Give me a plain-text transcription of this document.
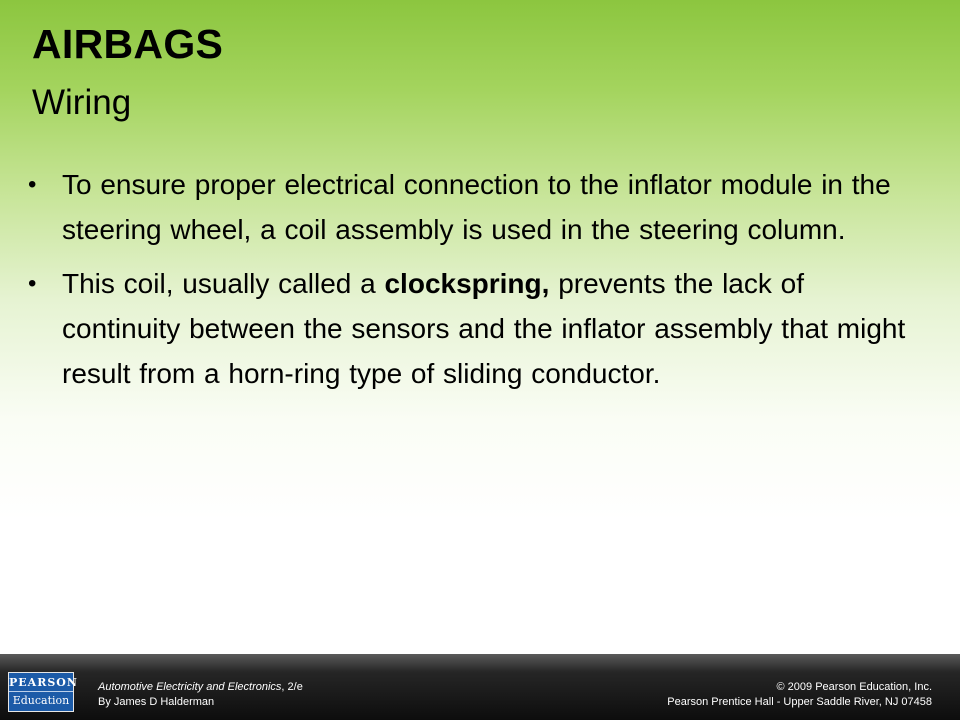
AIRBAGS
Wiring
• To ensure proper electrical connection to the inflator module in the steering wheel, a coil assembly is used in the steering column.
• This coil, usually called a clockspring, prevents the lack of continuity between the sensors and the inflator assembly that might result from a horn-ring type of sliding conductor.
PEARSON
Education
Automotive Electricity and Electronics, 2/e
By James D Halderman
© 2009 Pearson Education, Inc.
Pearson Prentice Hall - Upper Saddle River, NJ 07458
